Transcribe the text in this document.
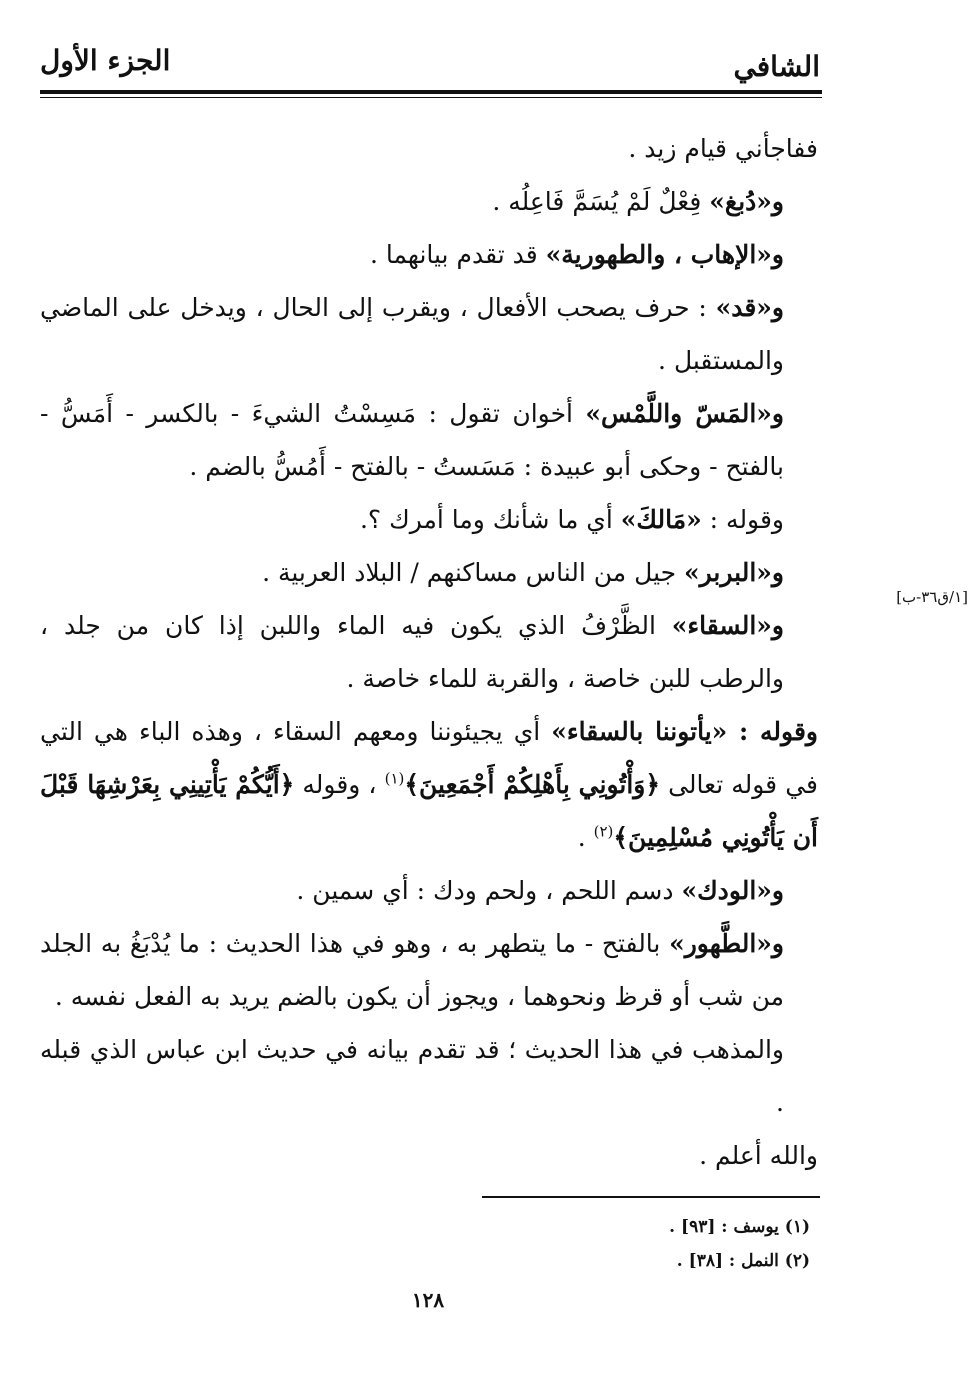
الشافي
الجزء الأول
[١/ق٣٦-ب]

ففاجأني قيام زيد .

و«دُبغ» فِعْلٌ لَمْ يُسَمَّ فَاعِلُه .

و«الإهاب ، والطهورية» قد تقدم بيانهما .

و«قد» : حرف يصحب الأفعال ، ويقرب إلى الحال ، ويدخل على الماضي والمستقبل .

و«المَسّ واللَّمْس» أخوان تقول : مَسِسْتُ الشيءَ - بالكسر - أَمَسُّ - بالفتح - وحكى أبو عبيدة : مَسَستُ - بالفتح - أَمُسُّ بالضم .

وقوله : «مَالكَ» أي ما شأنك وما أمرك ؟.

و«البربر» جيل من الناس مساكنهم / البلاد العربية .

و«السقاء» الظَّرْفُ الذي يكون فيه الماء واللبن إذا كان من جلد ، والرطب للبن خاصة ، والقربة للماء خاصة .

وقوله : «يأتوننا بالسقاء» أي يجيئوننا ومعهم السقاء ، وهذه الباء هي التي في قوله تعالى ﴿وَأْتُونِي بِأَهْلِكُمْ أَجْمَعِينَ﴾$^{(١)}$ ، وقوله ﴿أَيُّكُمْ يَأْتِينِي بِعَرْشِهَا قَبْلَ أَن يَأْتُونِي مُسْلِمِينَ﴾$^{(٢)}$ .

و«الودك» دسم اللحم ، ولحم ودك : أي سمين .

و«الطَّهور» بالفتح - ما يتطهر به ، وهو في هذا الحديث : ما يُدْبَغُ به الجلد من شب أو قرظ ونحوهما ، ويجوز أن يكون بالضم يريد به الفعل نفسه .

والمذهب في هذا الحديث ؛ قد تقدم بيانه في حديث ابن عباس الذي قبله .

والله أعلم .

(١) يوسف : [٩٣] .
(٢) النمل : [٣٨] .
١٢٨
